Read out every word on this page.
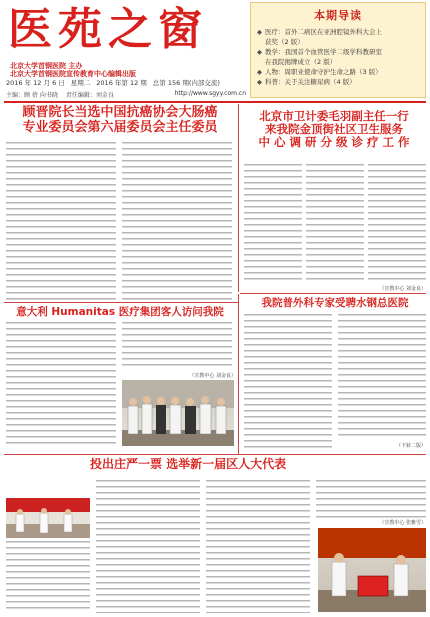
医苑之窗
北京大学首钢医院 主办
北京大学首钢医院宣传教育中心编辑出版
2016 年 12 月 6 日 星期二 2016 年第 12 期 总第 156 期(内部交流)
主编：顾 蓓 向书晓 责任编辑：刘金良	http://www.sgyy.com.cn
本期导读
◆ 医疗：首外二病区在亚洲腔镜外科大会上
获奖（2 版）
◆ 教学：我国首个血管医学二级学科教研室
在我院揭牌成立（2 版）
◆ 人物：周职业使命守护生命之路（3 版）
◆ 科普：关于关注糖尿病（4 版）
顾晋院长当选中国抗癌协会大肠癌
专业委员会第六届委员会主任委员
北京市卫计委毛羽副主任一行
来我院金顶街社区卫生服务
中 心 调 研 分 级 诊 疗 工 作
（宣教中心 刘金良）
意大利 Humanitas 医疗集团客人访问我院
（宣教中心 刘金良）
我院普外科专家受聘水钢总医院
（下转二版）
投出庄严一票 选举新一届区人大代表
（宣教中心 张雅雪）
